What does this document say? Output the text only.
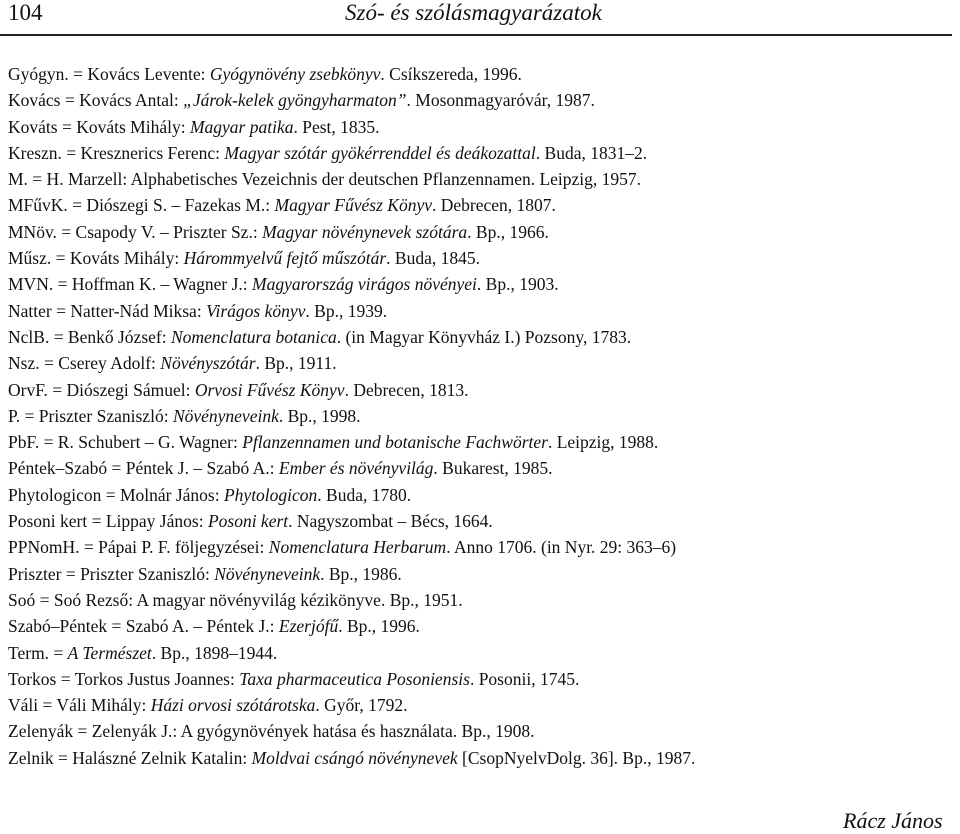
104	Szó- és szólásmagyarázatok
Gyógyn. = Kovács Levente: Gyógynövény zsebkönyv. Csíkszereda, 1996.
Kovács = Kovács Antal: „Járok-kelek gyöngyharmaton”. Mosonmagyaróvár, 1987.
Kováts = Kováts Mihály: Magyar patika. Pest, 1835.
Kreszn. = Kresznerics Ferenc: Magyar szótár gyökérrenddel és deákozattal. Buda, 1831–2.
M. = H. Marzell: Alphabetisches Vezeichnis der deutschen Pflanzennamen. Leipzig, 1957.
MFűvK. = Diószegi S. – Fazekas M.: Magyar Fűvész Könyv. Debrecen, 1807.
MNöv. = Csapody V. – Priszter Sz.: Magyar növénynevek szótára. Bp., 1966.
Műsz. = Kováts Mihály: Hárommyelvű fejtő műszótár. Buda, 1845.
MVN. = Hoffman K. – Wagner J.: Magyarország virágos növényei. Bp., 1903.
Natter = Natter-Nád Miksa: Virágos könyv. Bp., 1939.
NclB. = Benkő József: Nomenclatura botanica. (in Magyar Könyvház I.) Pozsony, 1783.
Nsz. = Cserey Adolf: Növényszótár. Bp., 1911.
OrvF. = Diószegi Sámuel: Orvosi Fűvész Könyv. Debrecen, 1813.
P. = Priszter Szaniszló: Növényneveink. Bp., 1998.
PbF. = R. Schubert – G. Wagner: Pflanzennamen und botanische Fachwörter. Leipzig, 1988.
Péntek–Szabó = Péntek J. – Szabó A.: Ember és növényvilág. Bukarest, 1985.
Phytologicon = Molnár János: Phytologicon. Buda, 1780.
Posoni kert = Lippay János: Posoni kert. Nagyszombat – Bécs, 1664.
PPNomH. = Pápai P. F. följegyzései: Nomenclatura Herbarum. Anno 1706. (in Nyr. 29: 363–6)
Priszter = Priszter Szaniszló: Növényneveink. Bp., 1986.
Soó = Soó Rezső: A magyar növényvilág kézikönyve. Bp., 1951.
Szabó–Péntek = Szabó A. – Péntek J.: Ezerjófű. Bp., 1996.
Term. = A Természet. Bp., 1898–1944.
Torkos = Torkos Justus Joannes: Taxa pharmaceutica Posoniensis. Posonii, 1745.
Váli = Váli Mihály: Házi orvosi szótárotska. Győr, 1792.
Zelenyák = Zelenyák J.: A gyógynövények hatása és használata. Bp., 1908.
Zelnik = Halászné Zelnik Katalin: Moldvai csángó növénynevek [CsopNyelvDolg. 36]. Bp., 1987.
Rácz János
